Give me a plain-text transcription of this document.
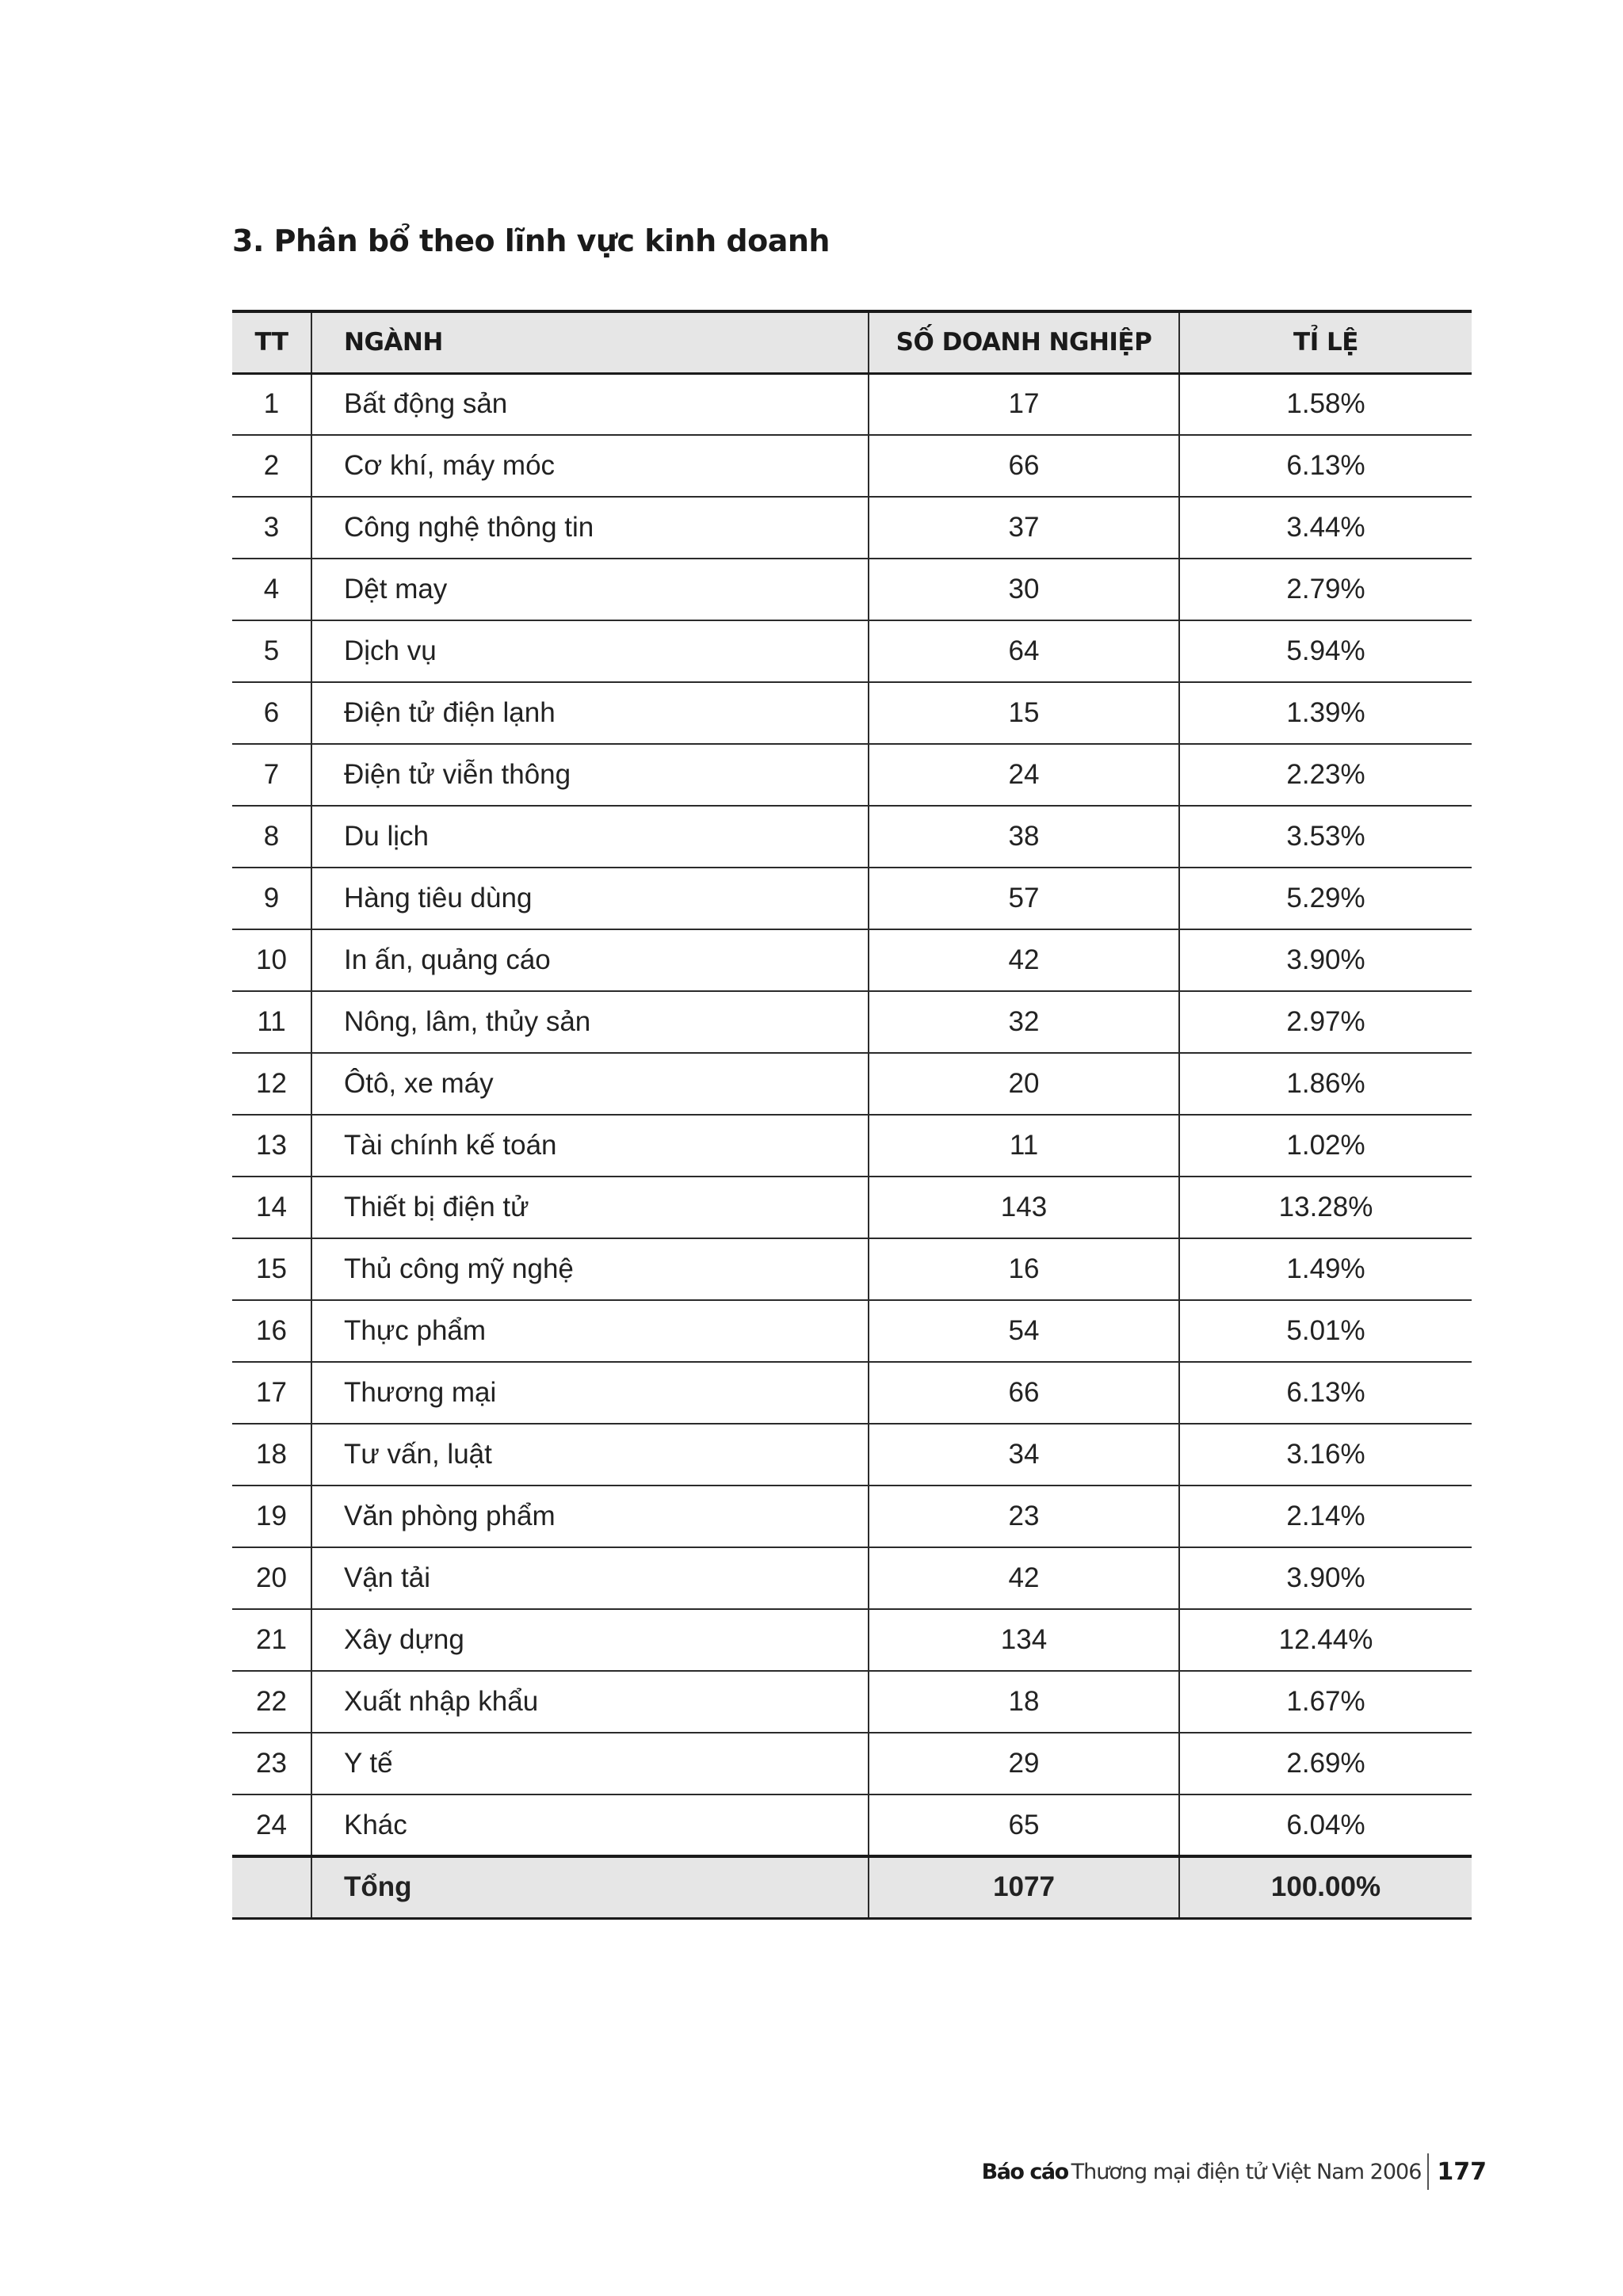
3. Phân bổ theo lĩnh vực kinh doanh
TT	NGÀNH	SỐ DOANH NGHIỆP	TỈ LỆ
1	Bất động sản	17	1.58%
2	Cơ khí, máy móc	66	6.13%
3	Công nghệ thông tin	37	3.44%
4	Dệt may	30	2.79%
5	Dịch vụ	64	5.94%
6	Điện tử điện lạnh	15	1.39%
7	Điện tử viễn thông	24	2.23%
8	Du lịch	38	3.53%
9	Hàng tiêu dùng	57	5.29%
10	In ấn, quảng cáo	42	3.90%
11	Nông, lâm, thủy sản	32	2.97%
12	Ôtô, xe máy	20	1.86%
13	Tài chính kế toán	11	1.02%
14	Thiết bị điện tử	143	13.28%
15	Thủ công mỹ nghệ	16	1.49%
16	Thực phẩm	54	5.01%
17	Thương mại	66	6.13%
18	Tư vấn, luật	34	3.16%
19	Văn phòng phẩm	23	2.14%
20	Vận tải	42	3.90%
21	Xây dựng	134	12.44%
22	Xuất nhập khẩu	18	1.67%
23	Y tế	29	2.69%
24	Khác	65	6.04%
	Tổng	1077	100.00%
Báo cáo Thương mại điện tử Việt Nam 2006 177
